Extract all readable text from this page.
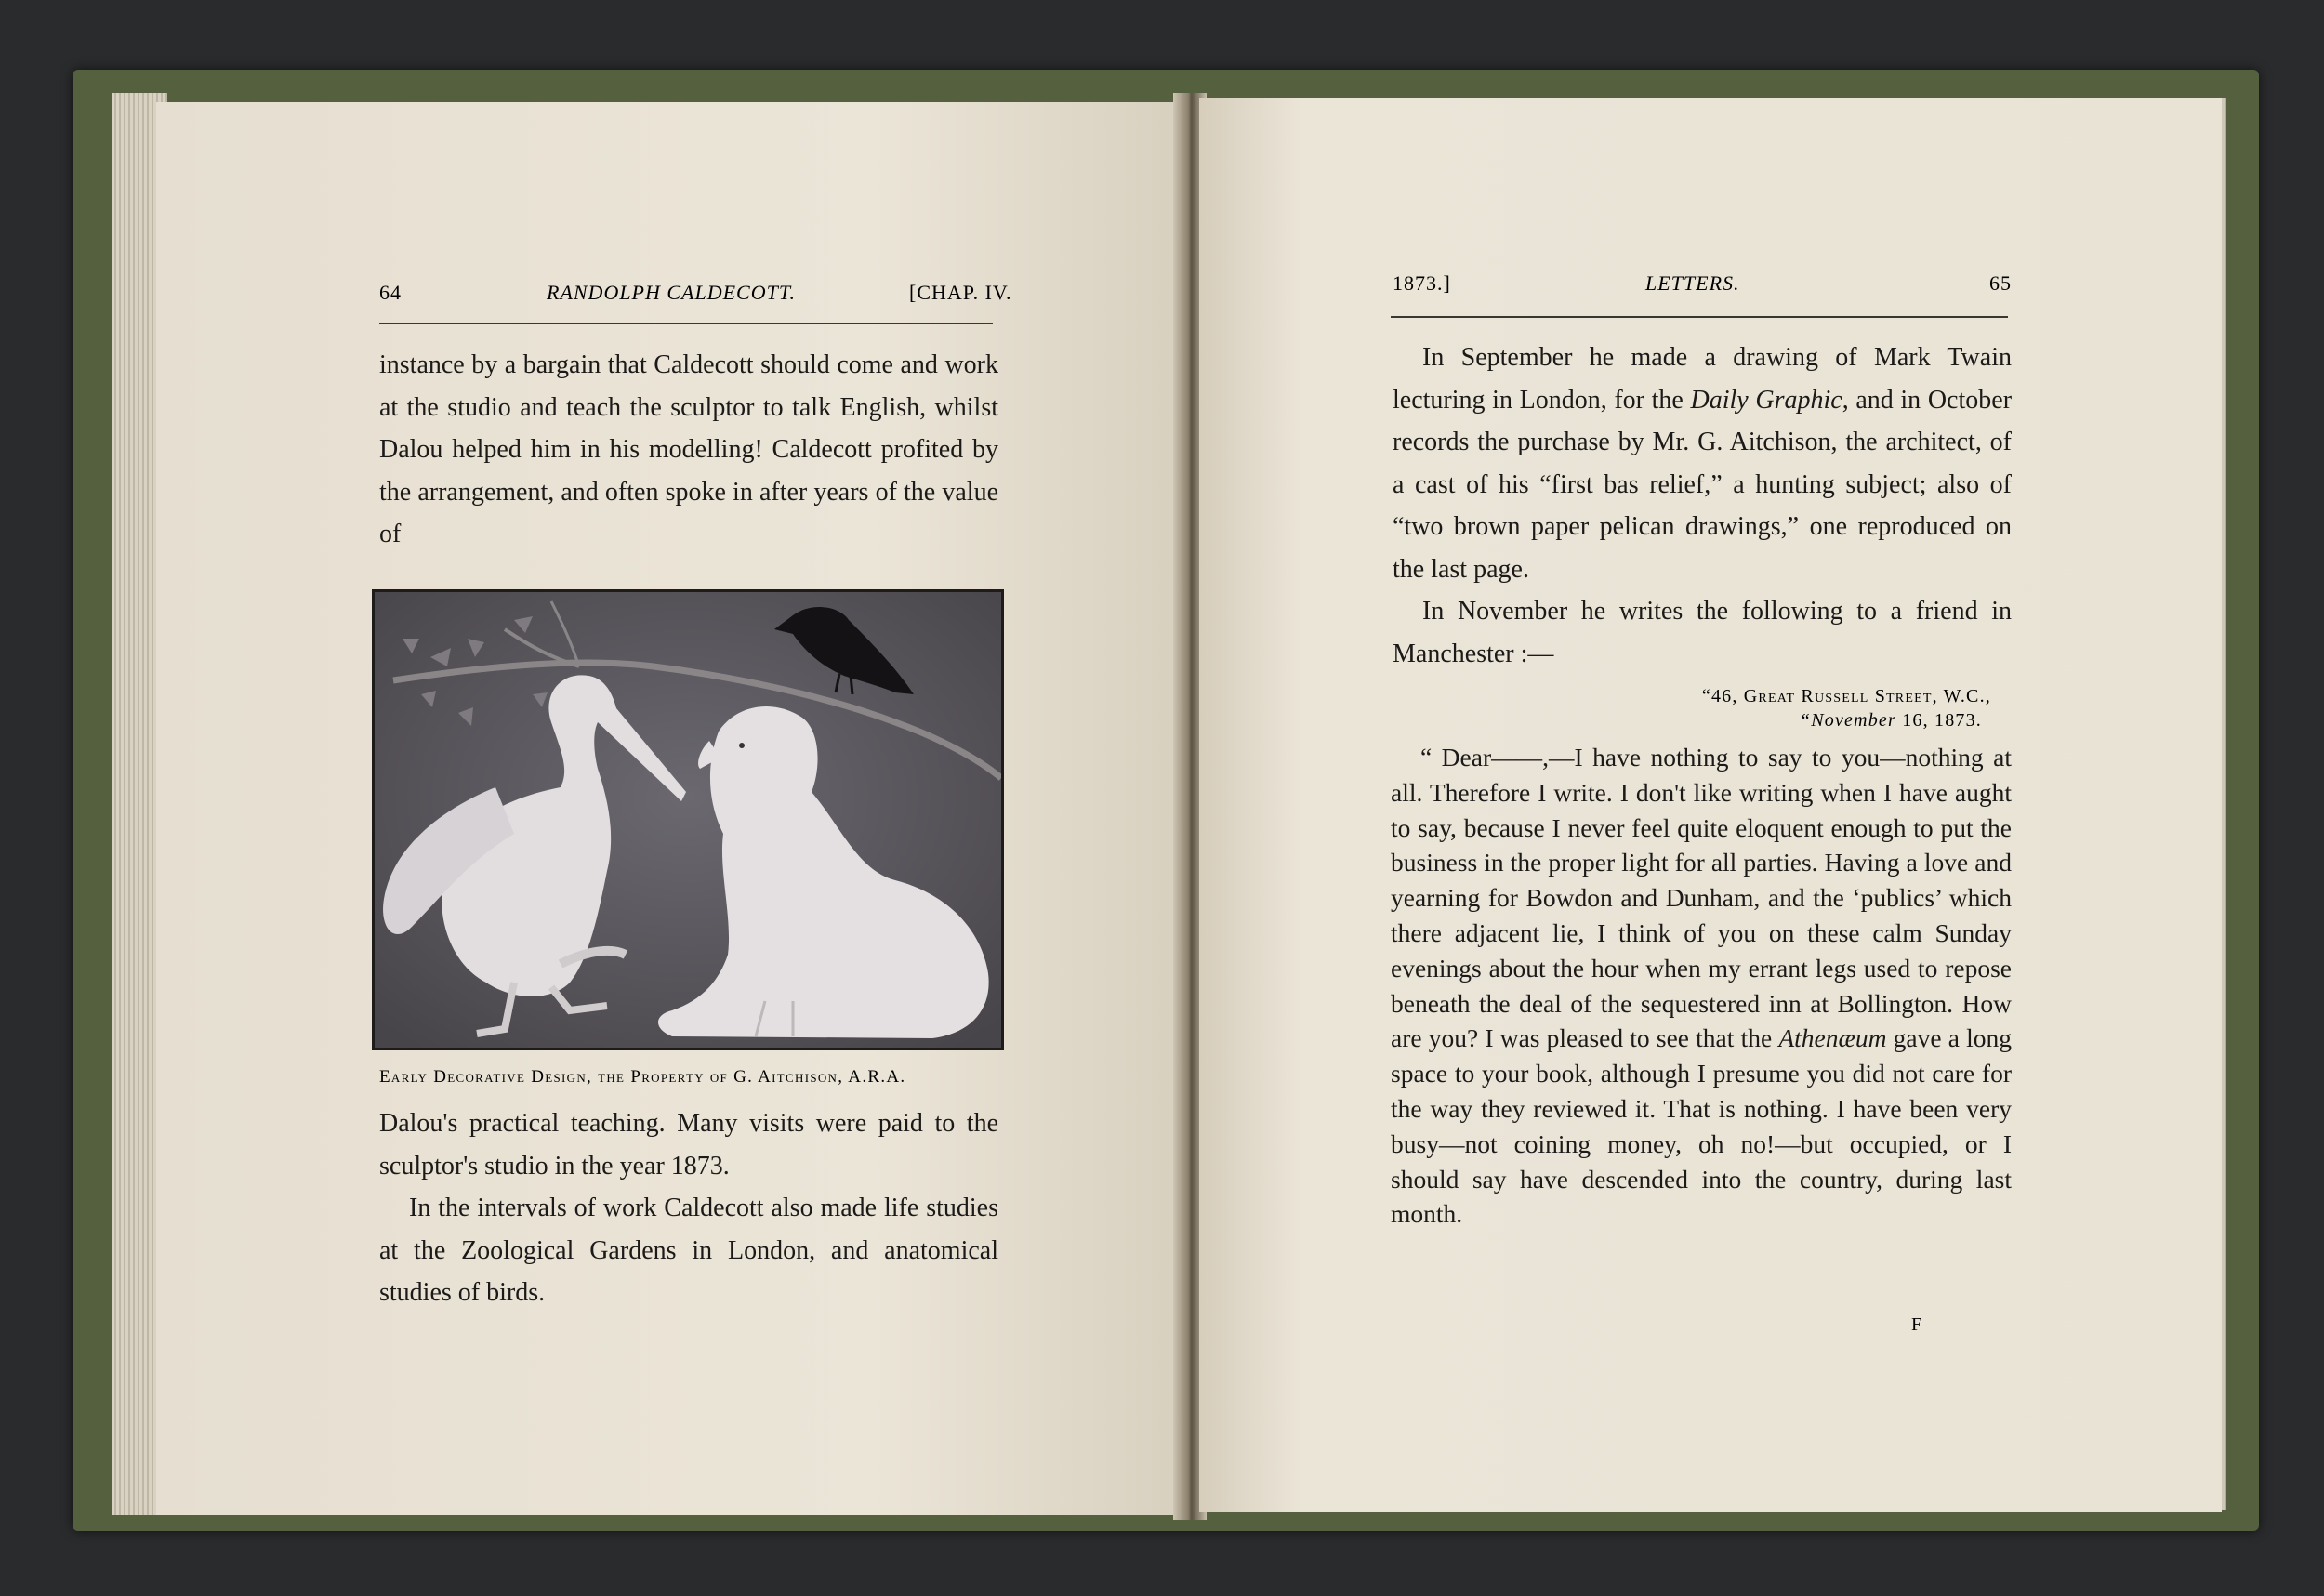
64	RANDOLPH CALDECOTT.	[CHAP. IV.

instance by a bargain that Caldecott should come and work at the studio and teach the sculptor to talk English, whilst Dalou helped him in his modelling! Caldecott profited by the arrangement, and often spoke in after years of the value of

Early Decorative Design, the Property of G. Aitchison, A.R.A.

Dalou's practical teaching. Many visits were paid to the sculptor's studio in the year 1873.

In the intervals of work Caldecott also made life studies at the Zoological Gardens in London, and anatomical studies of birds.

1873.]	LETTERS.	65

In September he made a drawing of Mark Twain lecturing in London, for the Daily Graphic, and in October records the purchase by Mr. G. Aitchison, the architect, of a cast of his “first bas relief,” a hunting subject; also of “two brown paper pelican drawings,” one reproduced on the last page.

In November he writes the following to a friend in Manchester :—

“46, Great Russell Street, W.C.,
“November 16, 1873.

“ Dear——,—I have nothing to say to you—nothing at all. Therefore I write. I don't like writing when I have aught to say, because I never feel quite eloquent enough to put the business in the proper light for all parties. Having a love and yearning for Bowdon and Dunham, and the ‘publics’ which there adjacent lie, I think of you on these calm Sunday evenings about the hour when my errant legs used to repose beneath the deal of the sequestered inn at Bollington. How are you? I was pleased to see that the Athenæum gave a long space to your book, although I presume you did not care for the way they reviewed it. That is nothing. I have been very busy—not coining money, oh no!—but occupied, or I should say have descended into the country, during last month.

F
